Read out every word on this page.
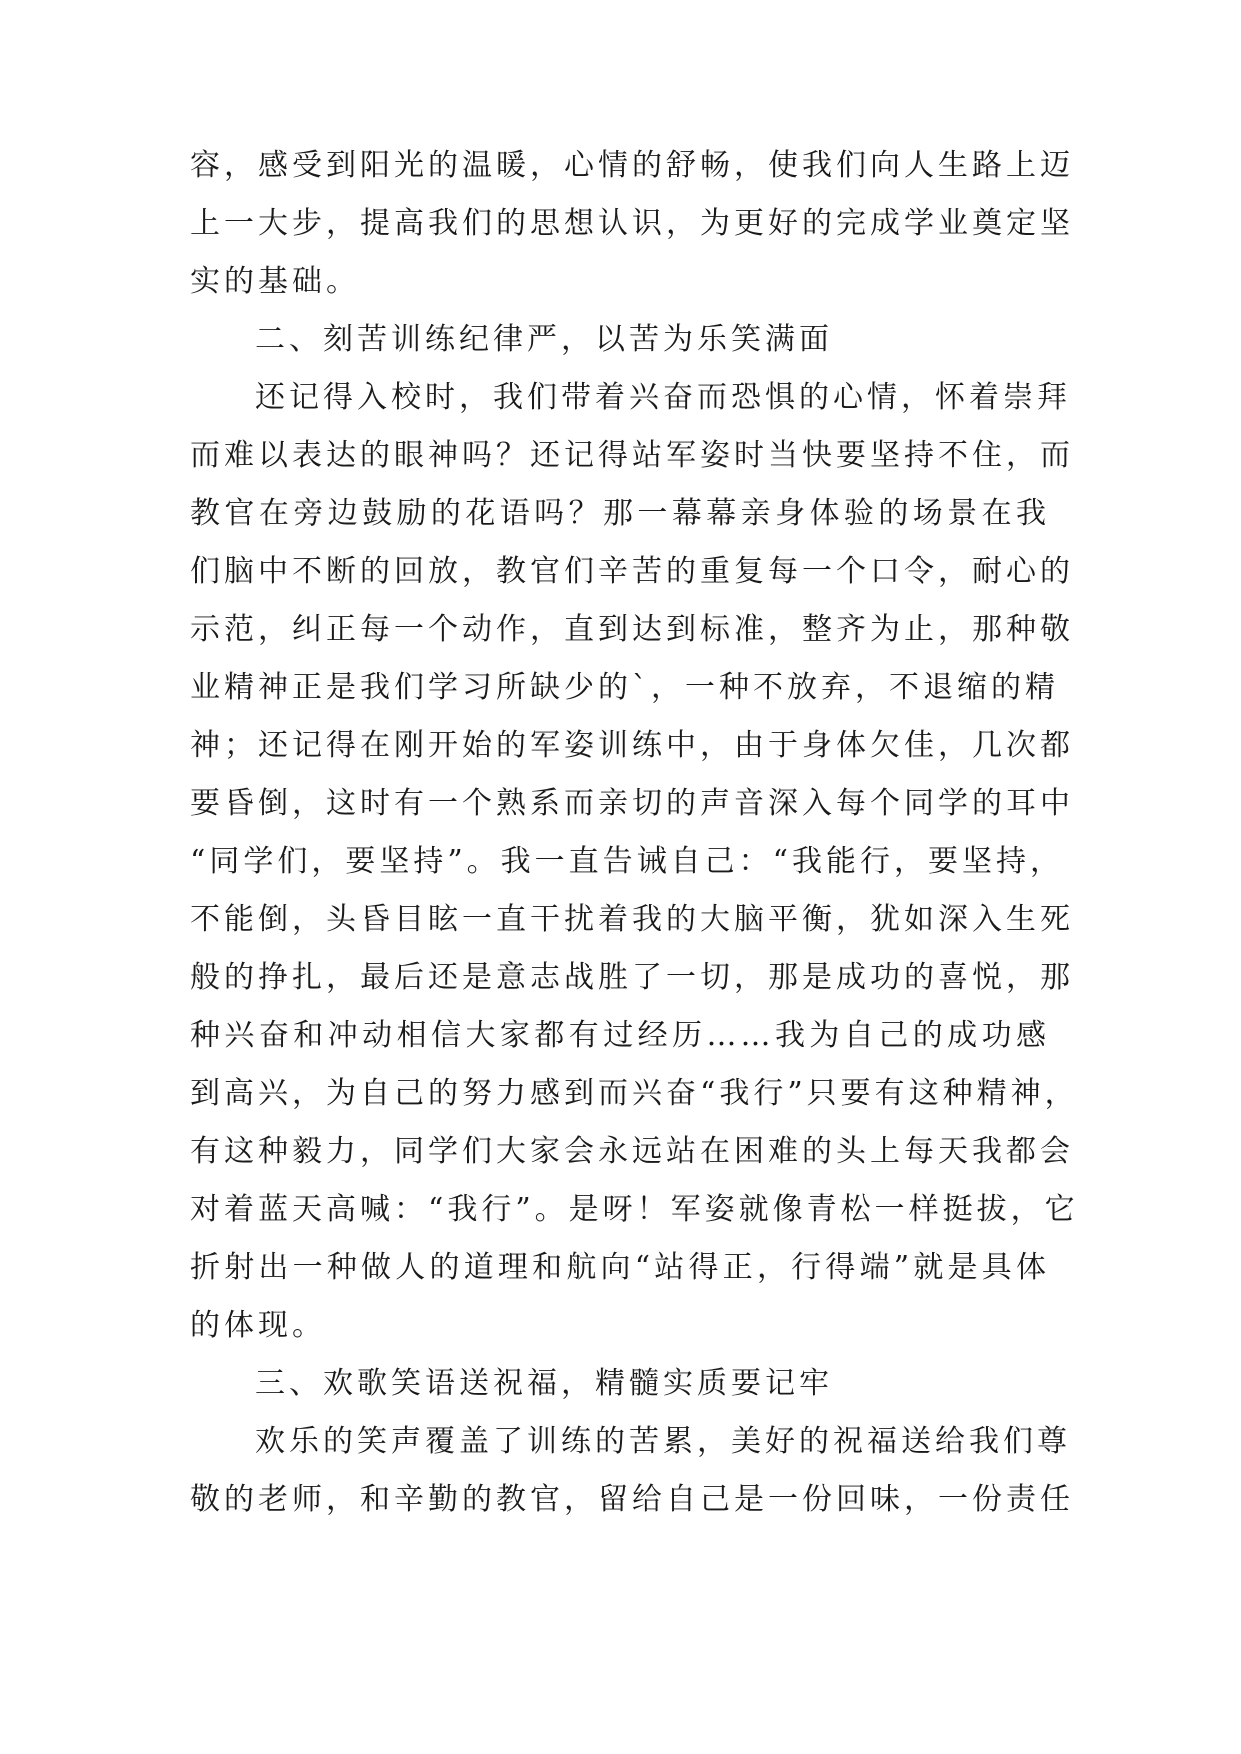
容，感受到阳光的温暖，心情的舒畅，使我们向人生路上迈
上一大步，提高我们的思想认识，为更好的完成学业奠定坚
实的基础。
二、刻苦训练纪律严，以苦为乐笑满面
还记得入校时，我们带着兴奋而恐惧的心情，怀着崇拜
而难以表达的眼神吗？还记得站军姿时当快要坚持不住，而
教官在旁边鼓励的花语吗？那一幕幕亲身体验的场景在我
们脑中不断的回放，教官们辛苦的重复每一个口令，耐心的
示范，纠正每一个动作，直到达到标准，整齐为止，那种敬
业精神正是我们学习所缺少的`，一种不放弃，不退缩的精
神；还记得在刚开始的军姿训练中，由于身体欠佳，几次都
要昏倒，这时有一个熟系而亲切的声音深入每个同学的耳中
“同学们，要坚持”。我一直告诫自己：“我能行，要坚持，
不能倒，头昏目眩一直干扰着我的大脑平衡，犹如深入生死
般的挣扎，最后还是意志战胜了一切，那是成功的喜悦，那
种兴奋和冲动相信大家都有过经历……我为自己的成功感
到高兴，为自己的努力感到而兴奋“我行”只要有这种精神，
有这种毅力，同学们大家会永远站在困难的头上每天我都会
对着蓝天高喊：“我行”。是呀！军姿就像青松一样挺拔，它
折射出一种做人的道理和航向“站得正，行得端”就是具体
的体现。
三、欢歌笑语送祝福，精髓实质要记牢
欢乐的笑声覆盖了训练的苦累，美好的祝福送给我们尊
敬的老师，和辛勤的教官，留给自己是一份回味，一份责任
